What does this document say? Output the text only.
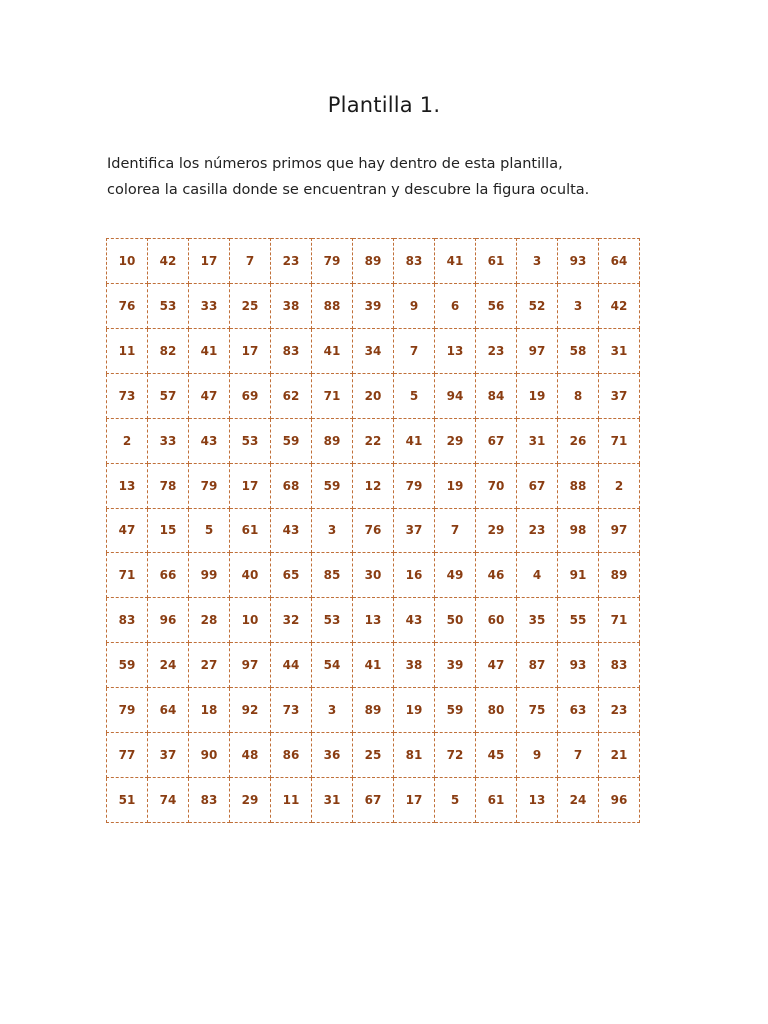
Plantilla 1.

Identifica los números primos que hay dentro de esta plantilla,

colorea la casilla donde se encuentran y descubre la figura oculta.

10	42	17	7	23	79	89	83	41	61	3	93	64
76	53	33	25	38	88	39	9	6	56	52	3	42
11	82	41	17	83	41	34	7	13	23	97	58	31
73	57	47	69	62	71	20	5	94	84	19	8	37
2	33	43	53	59	89	22	41	29	67	31	26	71
13	78	79	17	68	59	12	79	19	70	67	88	2
47	15	5	61	43	3	76	37	7	29	23	98	97
71	66	99	40	65	85	30	16	49	46	4	91	89
83	96	28	10	32	53	13	43	50	60	35	55	71
59	24	27	97	44	54	41	38	39	47	87	93	83
79	64	18	92	73	3	89	19	59	80	75	63	23
77	37	90	48	86	36	25	81	72	45	9	7	21
51	74	83	29	11	31	67	17	5	61	13	24	96
